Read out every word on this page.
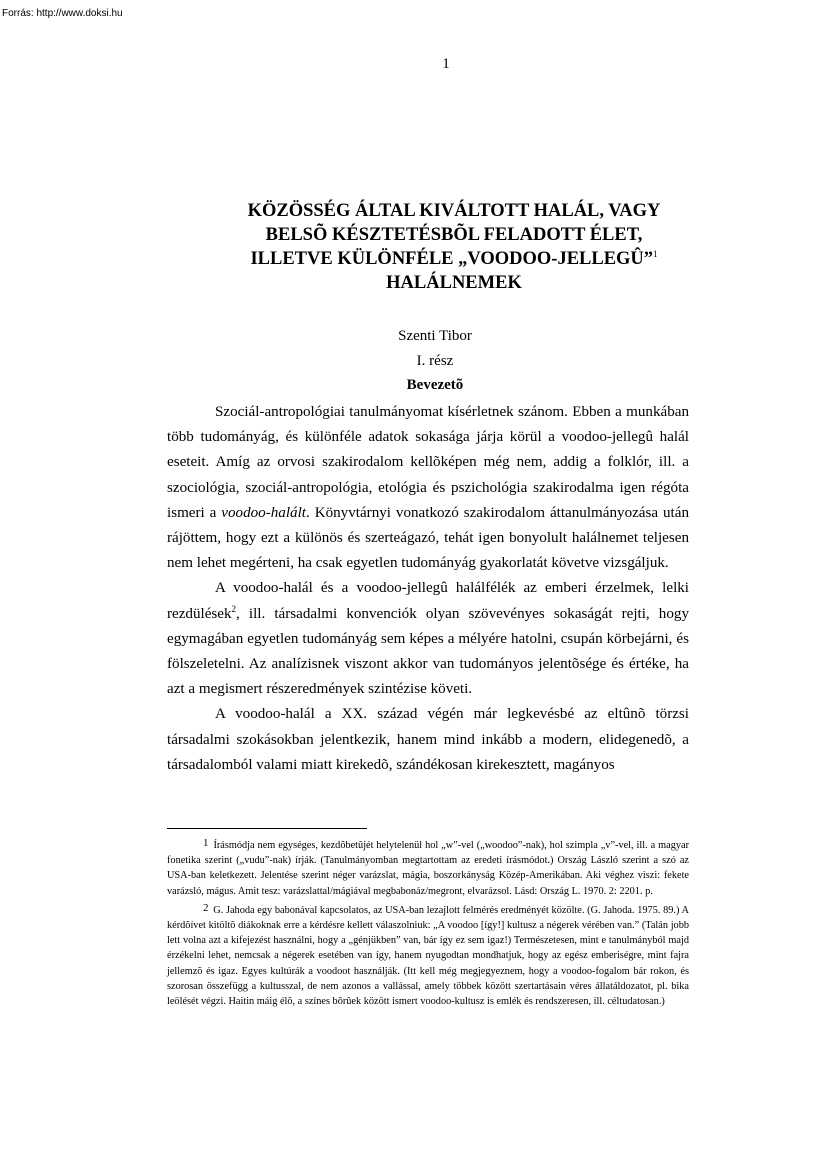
Forrás: http://www.doksi.hu
1
KÖZÖSSÉG ÁLTAL KIVÁLTOTT HALÁL, VAGY
BELSÕ KÉSZTETÉSBÕL FELADOTT ÉLET,
ILLETVE KÜLÖNFÉLE „VOODOO-JELLEGÛ”$^1$
HALÁLNEMEK
Szenti Tibor
I. rész
Bevezetõ

Szociál-antropológiai tanulmányomat kísérletnek szánom. Ebben a munkában több tudományág, és különféle adatok sokasága járja körül a voodoo-jellegû halál eseteit. Amíg az orvosi szakirodalom kellõképen még nem, addig a folklór, ill. a szociológia, szociál-antropológia, etológia és pszichológia szakirodalma igen régóta ismeri a voodoo-halált. Könyvtárnyi vonatkozó szakirodalom áttanulmányozása után rájöttem, hogy ezt a különös és szerteágazó, tehát igen bonyolult halálnemet teljesen nem lehet megérteni, ha csak egyetlen tudományág gyakorlatát követve vizsgáljuk.

A voodoo-halál és a voodoo-jellegû halálfélék az emberi érzelmek, lelki rezdülések$^2$, ill. társadalmi konvenciók olyan szövevényes sokaságát rejti, hogy egymagában egyetlen tudományág sem képes a mélyére hatolni, csupán körbejárni, és fölszeletelni. Az analízisnek viszont akkor van tudományos jelentõsége és értéke, ha azt a megismert részeredmények szintézise követi.

A voodoo-halál a XX. század végén már legkevésbé az eltûnõ törzsi társadalmi szokásokban jelentkezik, hanem mind inkább a modern, elidegenedõ, a társadalomból valami miatt kirekedõ, szándékosan kirekesztett, magányos

1 Írásmódja nem egységes, kezdõbetûjét helytelenül hol „w”-vel („woodoo”-nak), hol szimpla „v”-vel, ill. a magyar fonetika szerint („vudu”-nak) írják. (Tanulmányomban megtartottam az eredeti írásmódot.) Ország László szerint a szó az USA-ban keletkezett. Jelentése szerint néger varázslat, mágia, boszorkányság Közép-Amerikában. Aki véghez viszi: fekete varázsló, mágus. Amit tesz: varázslattal/mágiával megbabonáz/megront, elvarázsol. Lásd: Ország L. 1970. 2: 2201. p.

2 G. Jahoda egy babonával kapcsolatos, az USA-ban lezajlott felmérés eredményét közölte. (G. Jahoda. 1975. 89.) A kérdõívet kitöltõ diákoknak erre a kérdésre kellett válaszolniuk: „A voodoo [így!] kultusz a négerek vérében van.” (Talán jobb lett volna azt a kifejezést használni, hogy a „génjükben” van, bár így ez sem igaz!) Természetesen, mint e tanulmányból majd érzékelni lehet, nemcsak a négerek esetében van így, hanem nyugodtan mondhatjuk, hogy az egész emberiségre, mint fajra jellemzõ és igaz. Egyes kultúrák a voodoot használják. (Itt kell még megjegyeznem, hogy a voodoo-fogalom bár rokon, és szorosan összefügg a kultusszal, de nem azonos a vallással, amely többek között szertartásain véres állatáldozatot, pl. bika leölését végzi. Haitin máig élõ, a színes bõrûek között ismert voodoo-kultusz is emlék és rendszeresen, ill. céltudatosan.)
